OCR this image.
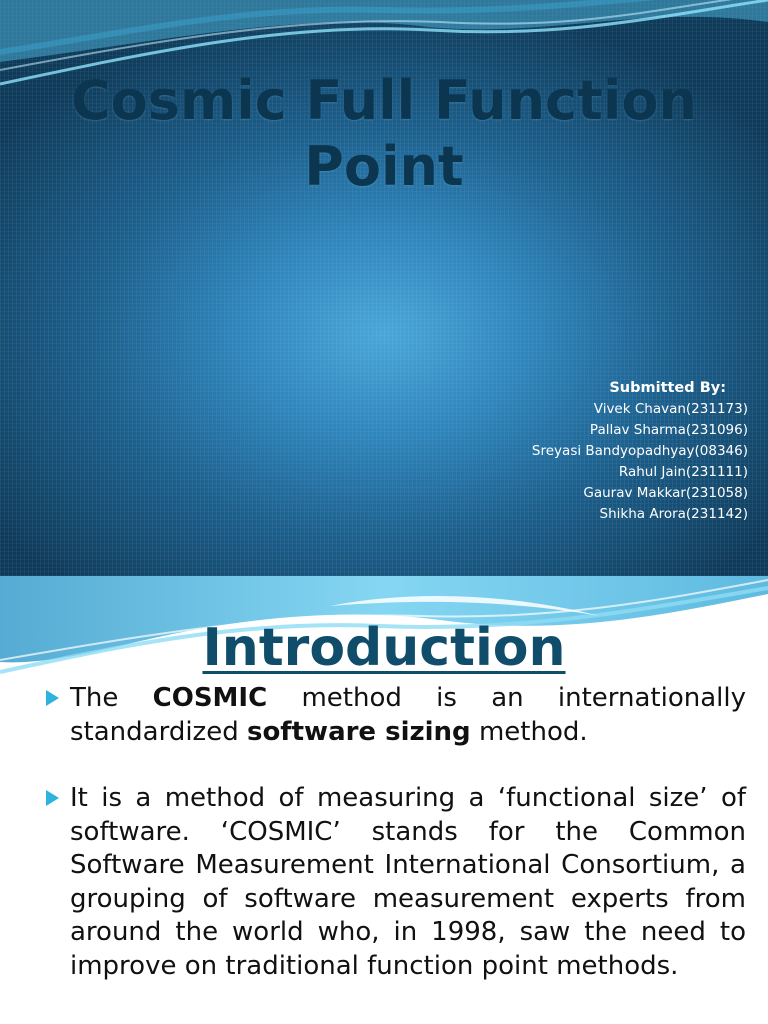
Cosmic Full Function Point
Submitted By:
Vivek Chavan(231173)
Pallav Sharma(231096)
Sreyasi Bandyopadhyay(08346)
Rahul Jain(231111)
Gaurav Makkar(231058)
Shikha Arora(231142)
Introduction
The COSMIC method is an internationally standardized software sizing method.
It is a method of measuring a ‘functional size’ of software. ‘COSMIC’ stands for the Common Software Measurement International Consortium, a grouping of software measurement experts from around the world who, in 1998, saw the need to improve on traditional function point methods.
